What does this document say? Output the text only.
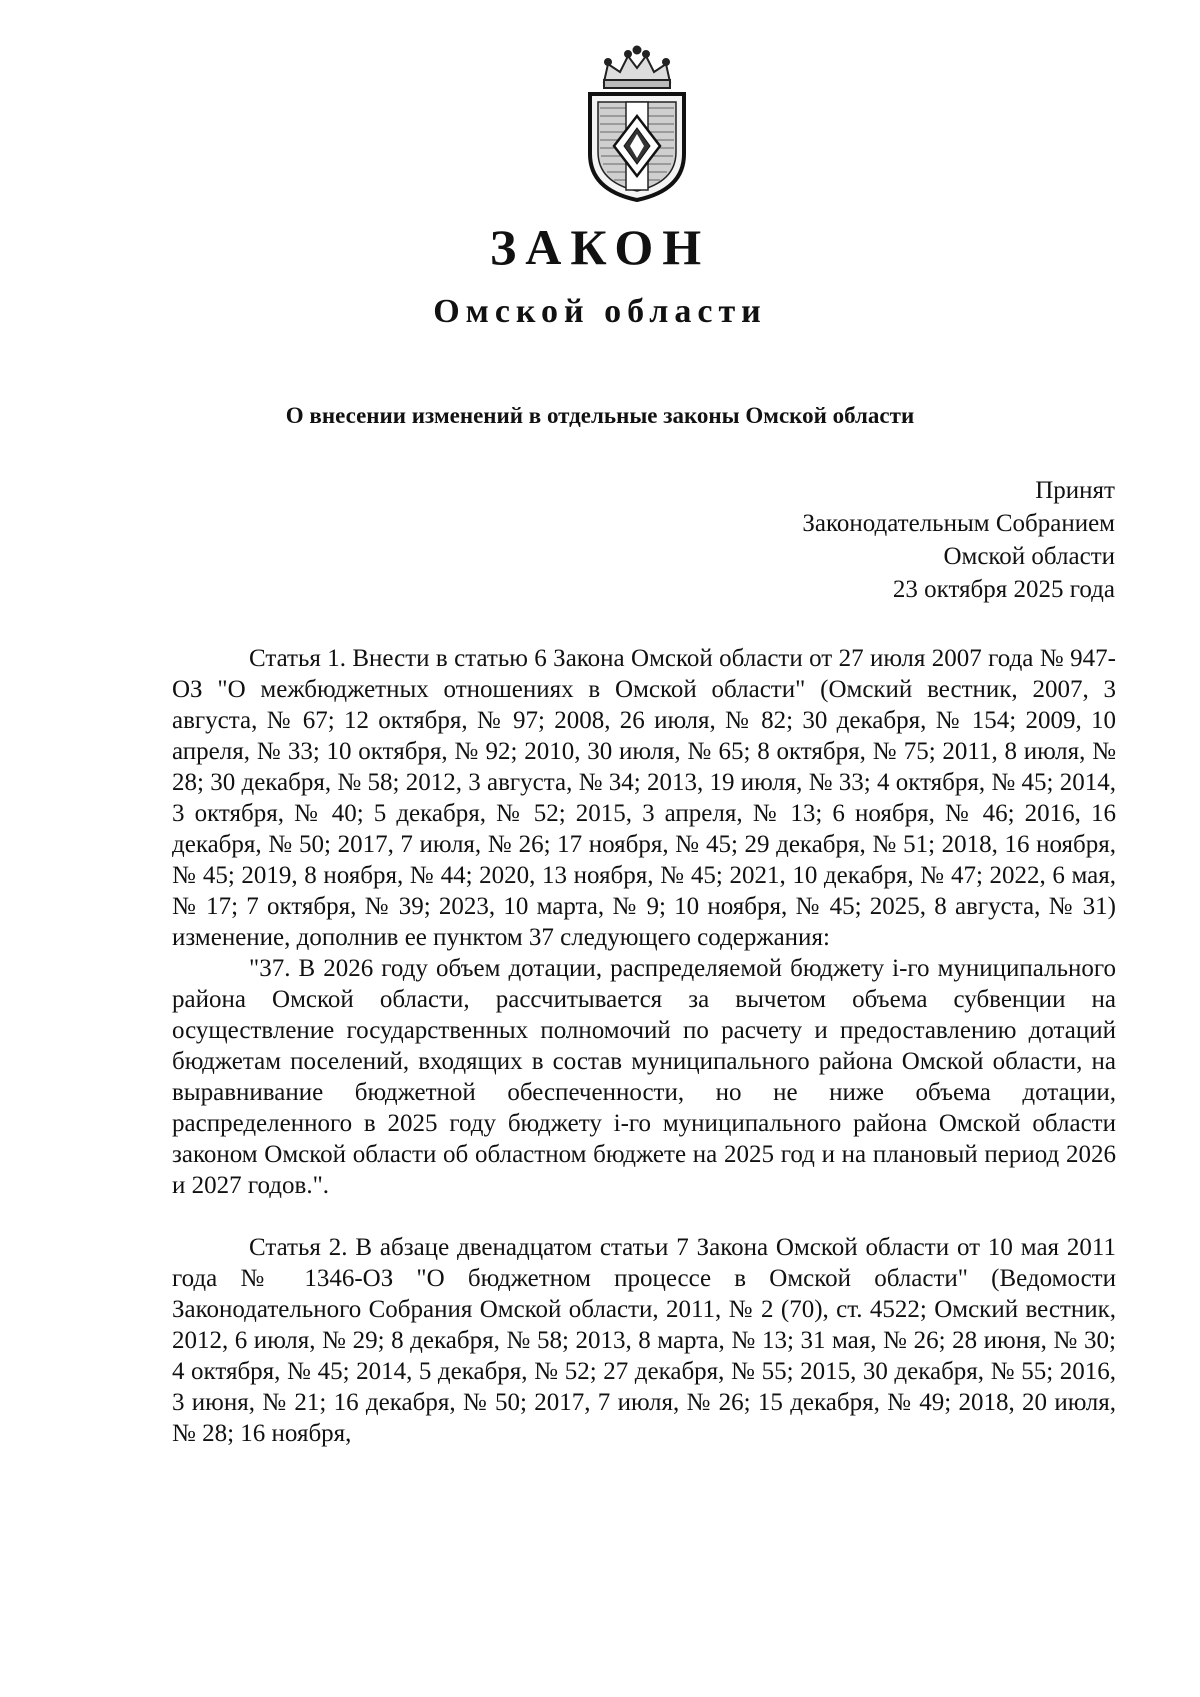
ЗАКОН
Омской области
О внесении изменений в отдельные законы Омской области
Принят
Законодательным Собранием
Омской области
23 октября 2025 года

Статья 1. Внести в статью 6 Закона Омской области от 27 июля 2007 года № 947-ОЗ "О межбюджетных отношениях в Омской области" (Омский вестник, 2007, 3 августа, № 67; 12 октября, № 97; 2008, 26 июля, № 82; 30 декабря, № 154; 2009, 10 апреля, № 33; 10 октября, № 92; 2010, 30 июля, № 65; 8 октября, № 75; 2011, 8 июля, № 28; 30 декабря, № 58; 2012, 3 августа, № 34; 2013, 19 июля, № 33; 4 октября, № 45; 2014, 3 октября, № 40; 5 декабря, № 52; 2015, 3 апреля, № 13; 6 ноября, № 46; 2016, 16 декабря, № 50; 2017, 7 июля, № 26; 17 ноября, № 45; 29 декабря, № 51; 2018, 16 ноября, № 45; 2019, 8 ноября, № 44; 2020, 13 ноября, № 45; 2021, 10 декабря, № 47; 2022, 6 мая, № 17; 7 октября, № 39; 2023, 10 марта, № 9; 10 ноября, № 45; 2025, 8 августа, № 31) изменение, дополнив ее пунктом 37 следующего содержания:

"37. В 2026 году объем дотации, распределяемой бюджету i-го муниципального района Омской области, рассчитывается за вычетом объема субвенции на осуществление государственных полномочий по расчету и предоставлению дотаций бюджетам поселений, входящих в состав муниципального района Омской области, на выравнивание бюджетной обеспеченности, но не ниже объема дотации, распределенного в 2025 году бюджету i-го муниципального района Омской области законом Омской области об областном бюджете на 2025 год и на плановый период 2026 и 2027 годов.".

Статья 2. В абзаце двенадцатом статьи 7 Закона Омской области от 10 мая 2011 года № 1346-ОЗ "О бюджетном процессе в Омской области" (Ведомости Законодательного Собрания Омской области, 2011, № 2 (70), ст. 4522; Омский вестник, 2012, 6 июля, № 29; 8 декабря, № 58; 2013, 8 марта, № 13; 31 мая, № 26; 28 июня, № 30; 4 октября, № 45; 2014, 5 декабря, № 52; 27 декабря, № 55; 2015, 30 декабря, № 55; 2016, 3 июня, № 21; 16 декабря, № 50; 2017, 7 июля, № 26; 15 декабря, № 49; 2018, 20 июля, № 28; 16 ноября,
